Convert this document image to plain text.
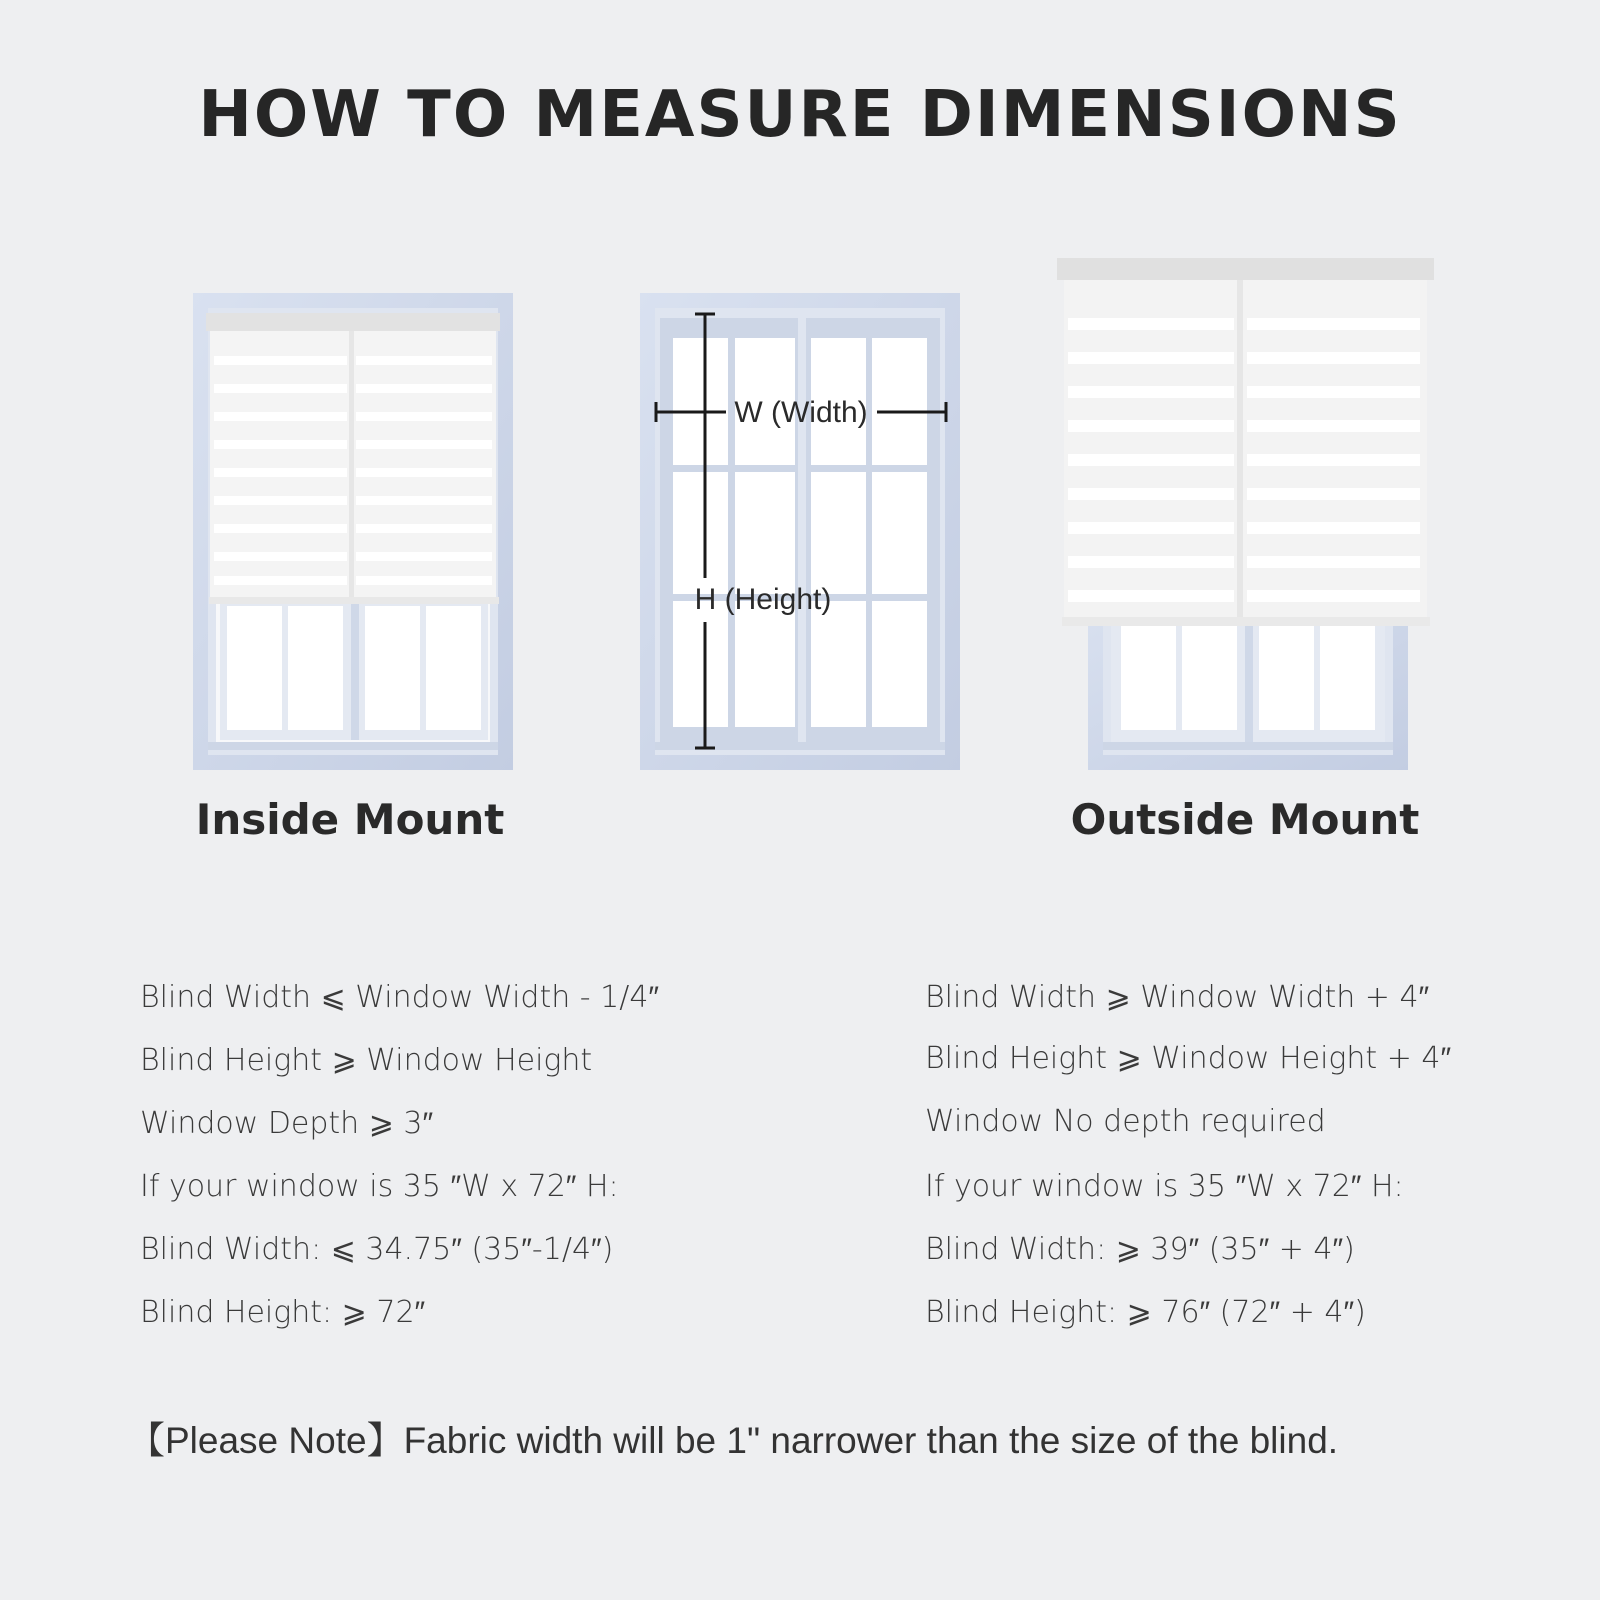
HOW TO MEASURE DIMENSIONS
W (Width)
H (Height)
Inside Mount	Outside Mount

Blind Width ⩽ Window Width - 1/4″

Blind Height ⩾ Window Height

Window Depth ⩾ 3″

If your window is 35 ″W x 72″ H:

Blind Width: ⩽ 34.75″ (35″-1/4″)

Blind Height: ⩾ 72″

Blind Width ⩾ Window Width + 4″

Blind Height ⩾ Window Height + 4″

Window No depth required

If your window is 35 ″W x 72″ H:

Blind Width: ⩾ 39″ (35″ + 4″)

Blind Height: ⩾ 76″ (72″ + 4″)

【Please Note】Fabric width will be 1" narrower than the size of the blind.
